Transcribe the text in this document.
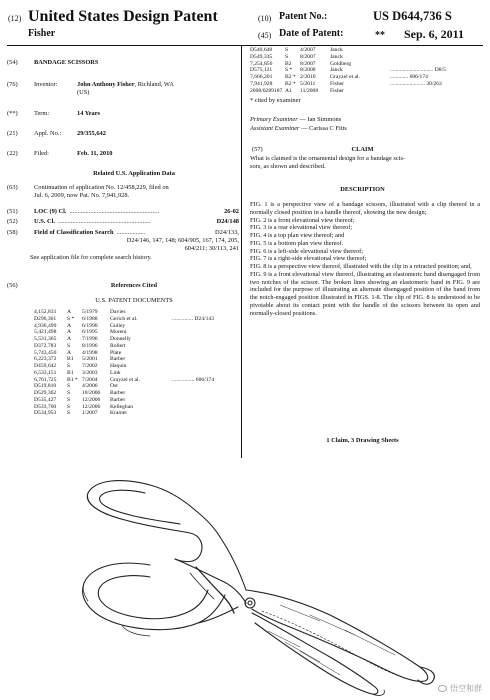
(12) United States Design Patent
Fisher
(10) Patent No.:	US D644,736 S
(45) Date of Patent:	** Sep. 6, 2011
(54)	BANDAGE SCISSORS
(76)	Inventor:	John Anthony Fisher, Richland, WA
(US)
(**)	Term:	14 Years
(21)	Appl. No.: 29/355,642
(22)	Filed:	Feb. 11, 2010
Related U.S. Application Data
(63)	Continuation of application No. 12/458,229, filed on
Jul. 6, 2009, now Pat. No. 7,941,928.
(51)	LOC (9) Cl. ........................................................	26-02
(52)	U.S. Cl. ..........................................................	D24/148
(58)	Field of Classification Search ..................	D24/133,
D24/146, 147, 148; 604/905, 167, 174, 205,
604/211; 30/113, 241
See application file for complete search history.
(56)	References Cited
U.S. PATENT DOCUMENTS
4,152,831	A	5/1979	Davies
D296,361	S *	6/1988	Gerich et al.	............... D24/143
4,936,499	A	6/1990	Gulley
5,421,498	A	6/1995	Moreni
5,531,365	A	7/1996	Donnelly
D372,783	S	8/1996	Rollert
5,743,450	A	4/1998	Plate
6,223,372	B1	5/2001	Barber
D459,642	S	7/2002	Haquin
6,533,151	B1	3/2003	Link
6,761,725	B1 * 7/2004	Grayzel et al.	................ 606/174
D519,810	S	4/2006	Ost
D529,362	S	10/2006	Barber
D535,427	S	12/2006	Barber
D533,760	S	12/2006	Kelleghan
D534,953	S	1/2007	Kramer
D540,648	S	4/2007	Janck
D549,335	S	8/2007	Janck
7,254,856	B2	8/2007	Goldberg
D575,121	S *	8/2008	Janck	............................... D8/5
7,666,201	B2 * 2/2010	Grayzel et al.	............. 606/174
7,941,928	B2 * 5/2011	Fisher	......................... 30/262
2008/0289187 A1	11/2008	Fisher
* cited by examiner
Primary Examiner — Ian Simmons
Assistant Examiner — Carissa C Fitts
(57)	CLAIM
What is claimed is the ornamental design for a bandage scis-
sors, as shown and described.
DESCRIPTION

FIG. 1 is a perspective view of a bandage scissors, illustrated with a clip thereof in a normally closed position in a handle thereof, showing the new design;

FIG. 2 is a front elevational view thereof;

FIG. 3 is a rear elevational view thereof;

FIG. 4 is a top plan view thereof; and

FIG. 5 is a bottom plan view thereof.

FIG. 6 is a left-side elevational view thereof;

FIG. 7 is a right-side elevational view thereof;

FIG. 8 is a perspective view thereof, illustrated with the clip in a retracted position; and,

FIG. 9 is a front elevational view thereof, illustrating an elastomeric band disengaged from two notches of the scissor. The broken lines showing an elastomeric band in FIG. 9 are included for the purpose of illustrating an alternate disengaged position of the band from the notch-engaged position illustrated in FIGS. 1-8. The clip of FIG. 8 is understood to be pivotable about its contact point with the handle of the scissors between its open and normally-closed positions.

1 Claim, 3 Drawing Sheets
悟空和群
